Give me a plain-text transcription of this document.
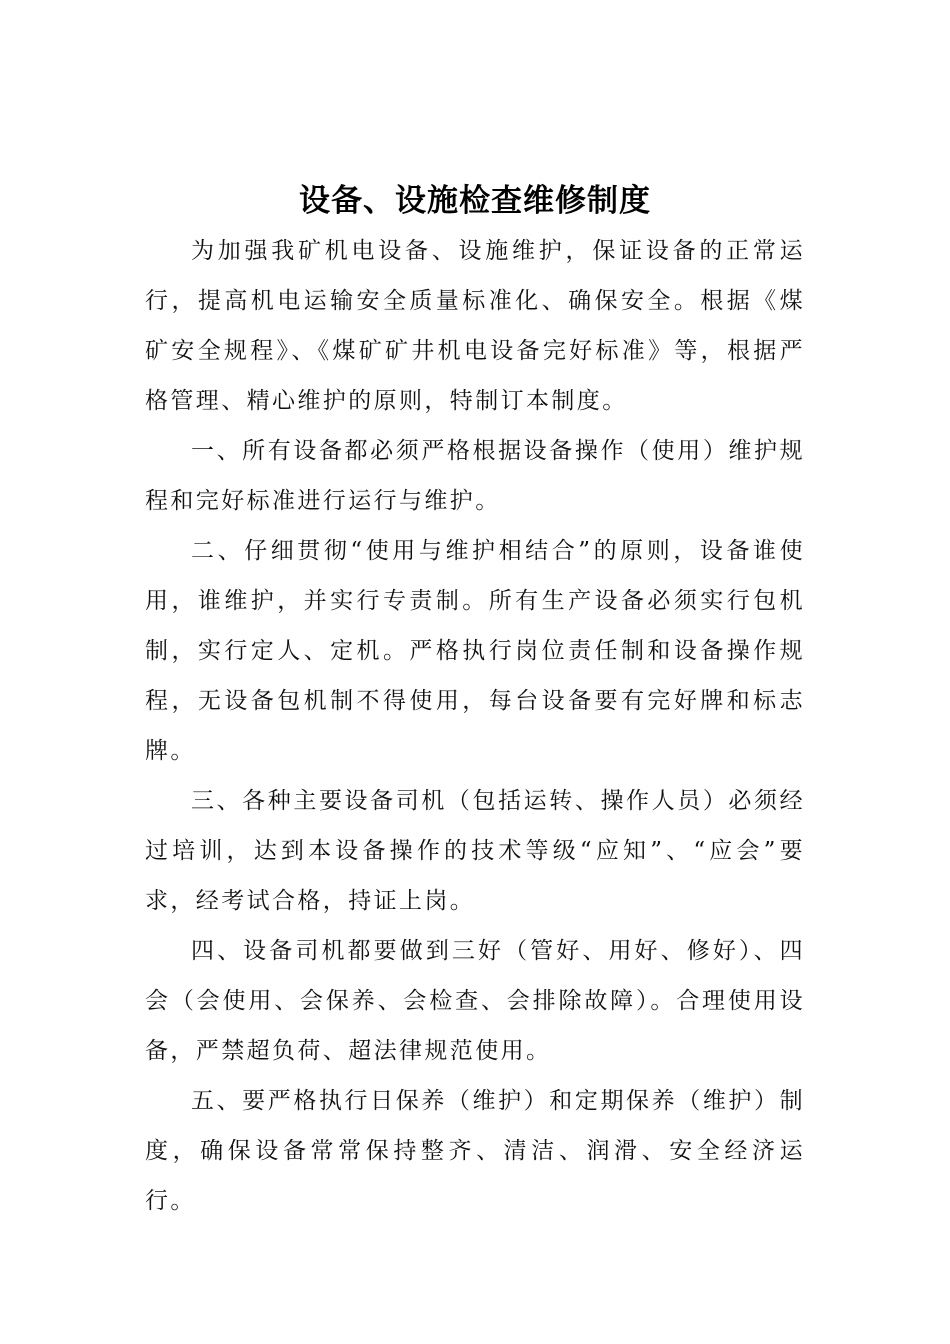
设备、设施检查维修制度

为加强我矿机电设备、设施维护，保证设备的正常运行，提高机电运输安全质量标准化、确保安全。根据《煤矿安全规程》、《煤矿矿井机电设备完好标准》等，根据严格管理、精心维护的原则，特制订本制度。

一、所有设备都必须严格根据设备操作（使用）维护规程和完好标准进行运行与维护。

二、仔细贯彻“使用与维护相结合”的原则，设备谁使用，谁维护，并实行专责制。所有生产设备必须实行包机制，实行定人、定机。严格执行岗位责任制和设备操作规程，无设备包机制不得使用，每台设备要有完好牌和标志牌。

三、各种主要设备司机（包括运转、操作人员）必须经过培训，达到本设备操作的技术等级“应知”、“应会”要求，经考试合格，持证上岗。

四、设备司机都要做到三好（管好、用好、修好）、四会（会使用、会保养、会检查、会排除故障）。合理使用设备，严禁超负荷、超法律规范使用。

五、要严格执行日保养（维护）和定期保养（维护）制度，确保设备常常保持整齐、清洁、润滑、安全经济运行。
